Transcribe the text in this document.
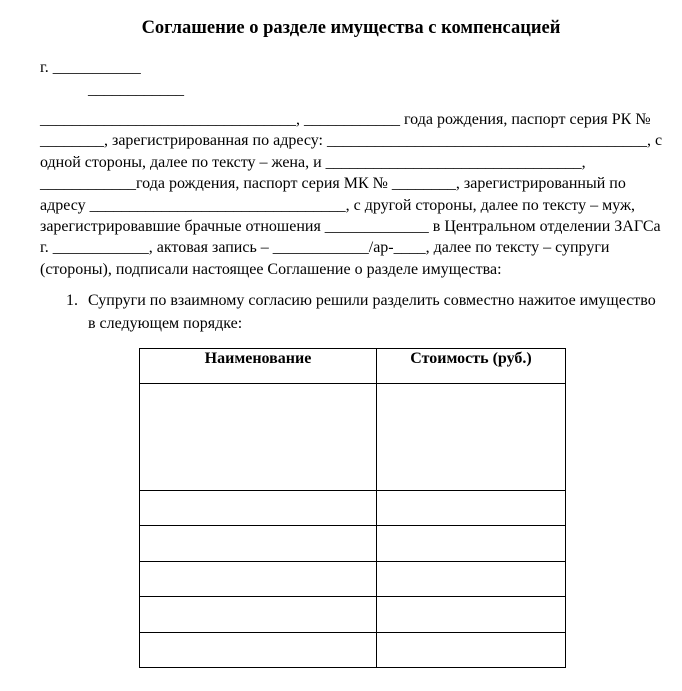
Соглашение о разделе имущества с компенсацией
г. ___________
____________
________________________________, ____________ года рождения, паспорт серия РК №
________, зарегистрированная по адресу: ________________________________________, с
одной стороны, далее по тексту – жена, и ________________________________,
____________года рождения, паспорт серия МК № ________, зарегистрированный по
адресу ________________________________, с другой стороны, далее по тексту – муж,
зарегистрировавшие брачные отношения _____________ в Центральном отделении ЗАГСа
г. ____________, актовая запись – ____________/ар-____, далее по тексту – супруги
(стороны), подписали настоящее Соглашение о разделе имущества:
1. Супруги по взаимному согласию решили разделить совместно нажитое имущество
в следующем порядке:
Наименование	Стоимость (руб.)
